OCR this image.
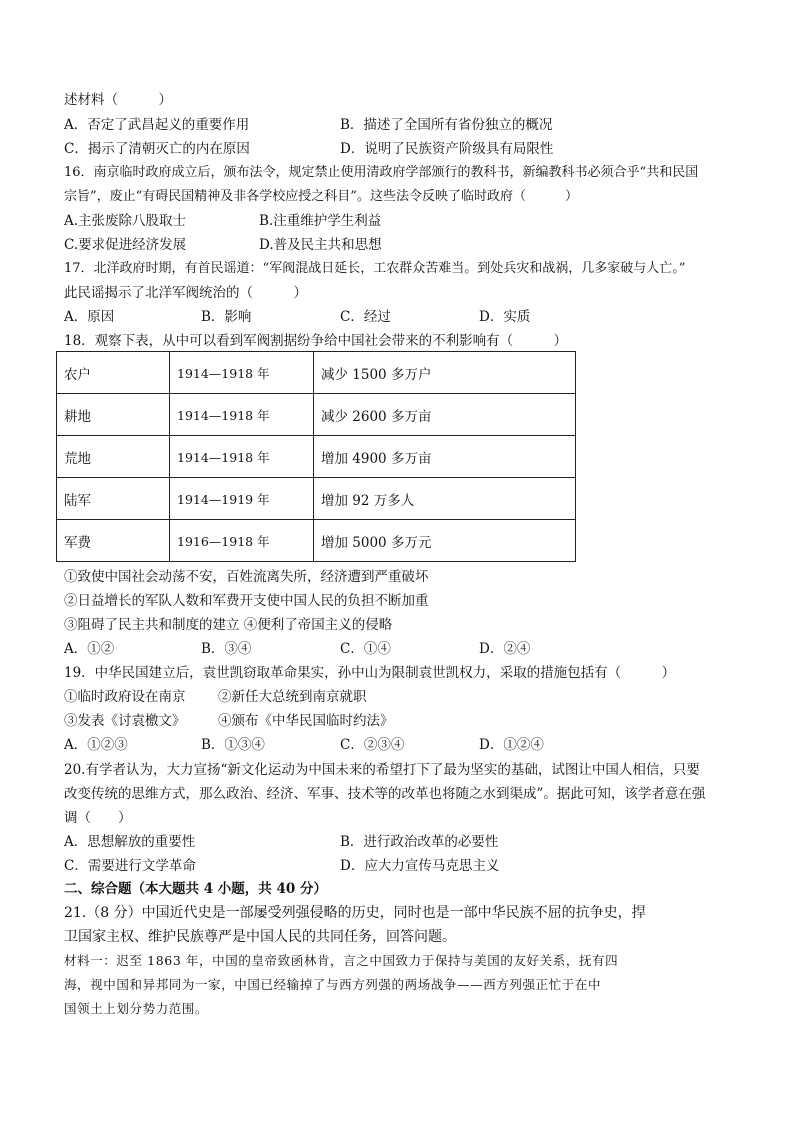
述材料（　　　）
A．否定了武昌起义的重要作用	B．描述了全国所有省份独立的概况
C．揭示了清朝灭亡的内在原因	D．说明了民族资产阶级具有局限性
16．南京临时政府成立后，颁布法令，规定禁止使用清政府学部颁行的教科书，新编教科书必须合乎“共和民国
宗旨”，废止“有碍民国精神及非各学校应授之科目”。这些法令反映了临时政府（　　　）
A.主张废除八股取士	B.注重维护学生利益
C.要求促进经济发展	D.普及民主共和思想
17．北洋政府时期，有首民谣道：“军阀混战日延长，工农群众苦难当。到处兵灾和战祸，几多家破与人亡。”
此民谣揭示了北洋军阀统治的（　　　）
A．原因	B．影响	C．经过	D．实质
18．观察下表，从中可以看到军阀割据纷争给中国社会带来的不利影响有（　　　）
农户	1914—1918 年	减少 1500 多万户
耕地	1914—1918 年	减少 2600 多万亩
荒地	1914—1918 年	增加 4900 多万亩
陆军	1914—1919 年	增加 92 万多人
军费	1916—1918 年	增加 5000 多万元
①致使中国社会动荡不安，百姓流离失所，经济遭到严重破坏
②日益增长的军队人数和军费开支使中国人民的负担不断加重
③阻碍了民主共和制度的建立 ④便利了帝国主义的侵略
A．①②	B．③④	C．①④	D．②④
19．中华民国建立后，袁世凯窃取革命果实，孙中山为限制袁世凯权力，采取的措施包括有（　　　）
①临时政府设在南京 ②新任大总统到南京就职
③发表《讨袁檄文》 ④颁布《中华民国临时约法》
A．①②③	B．①③④	C．②③④	D．①②④
20.有学者认为，大力宣扬“新文化运动为中国未来的希望打下了最为坚实的基础，试图让中国人相信，只要
改变传统的思维方式，那么政治、经济、军事、技术等的改革也将随之水到渠成”。据此可知，该学者意在强
调（　　）
A．思想解放的重要性	B．进行政治改革的必要性
C．需要进行文学革命	D．应大力宣传马克思主义
二、综合题（本大题共 4 小题，共 40 分）
21.（8 分）中国近代史是一部屡受列强侵略的历史，同时也是一部中华民族不屈的抗争史，捍
卫国家主权、维护民族尊严是中国人民的共同任务，回答问题。
材料一：迟至 1863 年，中国的皇帝致函林肯，言之中国致力于保持与美国的友好关系，抚有四
海，视中国和异邦同为一家，中国已经输掉了与西方列强的两场战争——西方列强正忙于在中
国领土上划分势力范围。
